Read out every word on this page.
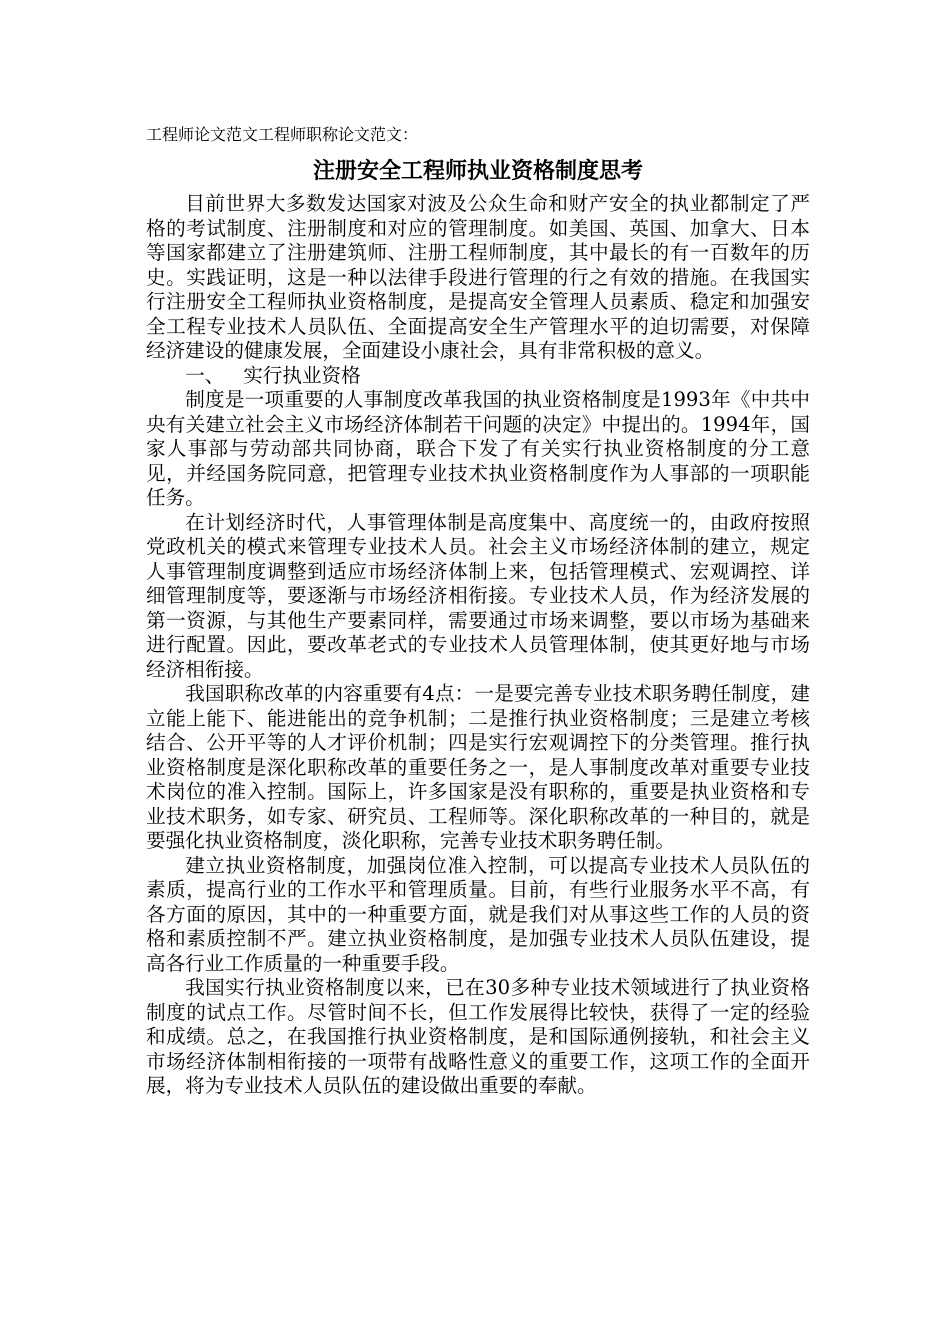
工程师论文范文工程师职称论文范文：

注册安全工程师执业资格制度思考

目前世界大多数发达国家对波及公众生命和财产安全的执业都制定了严格的考试制度、注册制度和对应的管理制度。如美国、英国、加拿大、日本等国家都建立了注册建筑师、注册工程师制度，其中最长的有一百数年的历史。实践证明，这是一种以法律手段进行管理的行之有效的措施。在我国实行注册安全工程师执业资格制度，是提高安全管理人员素质、稳定和加强安全工程专业技术人员队伍、全面提高安全生产管理水平的迫切需要，对保障经济建设的健康发展，全面建设小康社会，具有非常积极的意义。

一、 实行执业资格

制度是一项重要的人事制度改革我国的执业资格制度是1993年《中共中央有关建立社会主义市场经济体制若干问题的决定》中提出的。1994年，国家人事部与劳动部共同协商，联合下发了有关实行执业资格制度的分工意见，并经国务院同意，把管理专业技术执业资格制度作为人事部的一项职能任务。

在计划经济时代，人事管理体制是高度集中、高度统一的，由政府按照党政机关的模式来管理专业技术人员。社会主义市场经济体制的建立，规定人事管理制度调整到适应市场经济体制上来，包括管理模式、宏观调控、详细管理制度等，要逐渐与市场经济相衔接。专业技术人员，作为经济发展的第一资源，与其他生产要素同样，需要通过市场来调整，要以市场为基础来进行配置。因此，要改革老式的专业技术人员管理体制，使其更好地与市场经济相衔接。

我国职称改革的内容重要有4点：一是要完善专业技术职务聘任制度，建立能上能下、能进能出的竞争机制；二是推行执业资格制度；三是建立考核结合、公开平等的人才评价机制；四是实行宏观调控下的分类管理。推行执业资格制度是深化职称改革的重要任务之一，是人事制度改革对重要专业技术岗位的准入控制。国际上，许多国家是没有职称的，重要是执业资格和专业技术职务，如专家、研究员、工程师等。深化职称改革的一种目的，就是要强化执业资格制度，淡化职称，完善专业技术职务聘任制。

建立执业资格制度，加强岗位准入控制，可以提高专业技术人员队伍的素质，提高行业的工作水平和管理质量。目前，有些行业服务水平不高，有各方面的原因，其中的一种重要方面，就是我们对从事这些工作的人员的资格和素质控制不严。建立执业资格制度，是加强专业技术人员队伍建设，提高各行业工作质量的一种重要手段。

我国实行执业资格制度以来，已在30多种专业技术领域进行了执业资格制度的试点工作。尽管时间不长，但工作发展得比较快，获得了一定的经验和成绩。总之，在我国推行执业资格制度，是和国际通例接轨，和社会主义市场经济体制相衔接的一项带有战略性意义的重要工作，这项工作的全面开展，将为专业技术人员队伍的建设做出重要的奉献。
